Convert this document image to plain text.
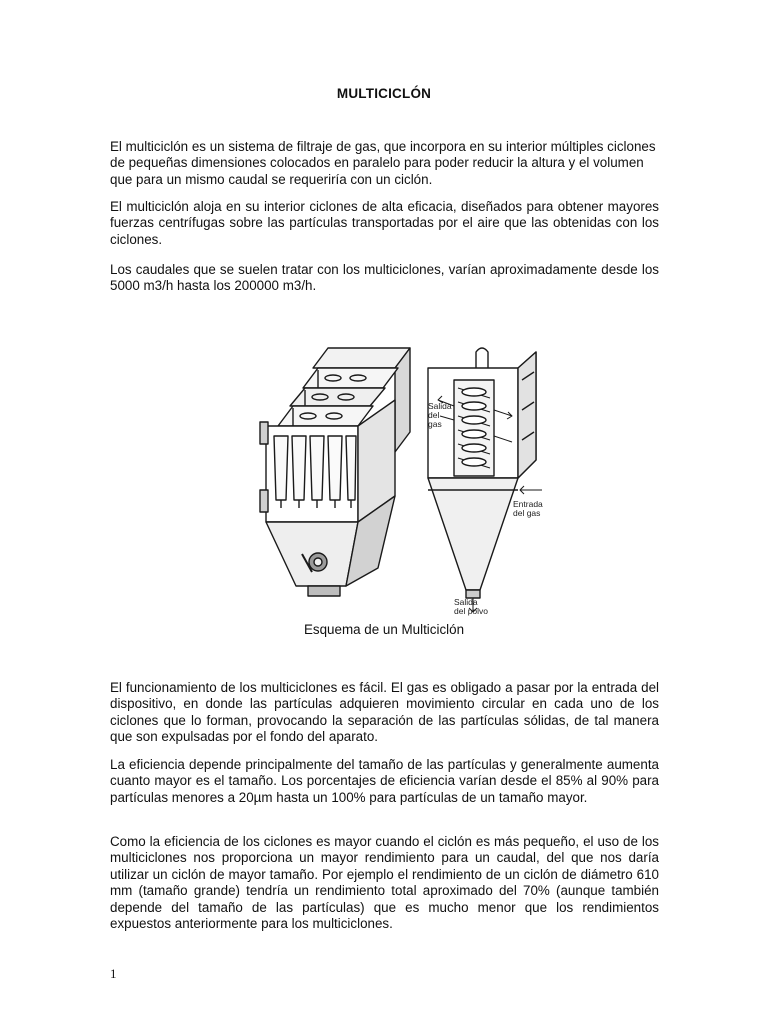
MULTICICLÓN

El multiciclón es un sistema de filtraje de gas, que incorpora en su interior múltiples ciclones de pequeñas dimensiones colocados en paralelo para poder reducir la altura y el volumen que para un mismo caudal se requeriría con un ciclón.

El multiciclón aloja en su interior ciclones de alta eficacia, diseñados para obtener mayores fuerzas centrífugas sobre las partículas transportadas por el aire que las obtenidas con los ciclones.

Los caudales que se suelen tratar con los multiciclones, varían aproximadamente desde los 5000 m3/h hasta los 200000 m3/h.

Salida
del
gas
Entrada
del gas
Salida
del polvo
Esquema de un Multiciclón

El funcionamiento de los multiciclones es fácil. El gas es obligado a pasar por la entrada del dispositivo, en donde las partículas adquieren movimiento circular en cada uno de los ciclones que lo forman, provocando la separación de las partículas sólidas, de tal manera que son expulsadas por el fondo del aparato.

La eficiencia depende principalmente del tamaño de las partículas y generalmente aumenta cuanto mayor es el tamaño. Los porcentajes de eficiencia varían desde el 85% al 90% para partículas menores a 20µm hasta un 100% para partículas de un tamaño mayor.

Como la eficiencia de los ciclones es mayor cuando el ciclón es más pequeño, el uso de los multiciclones nos proporciona un mayor rendimiento para un caudal, del que nos daría utilizar un ciclón de mayor tamaño. Por ejemplo el rendimiento de un ciclón de diámetro 610 mm (tamaño grande) tendría un rendimiento total aproximado del 70% (aunque también depende del tamaño de las partículas) que es mucho menor que los rendimientos expuestos anteriormente para los multiciclones.

1
